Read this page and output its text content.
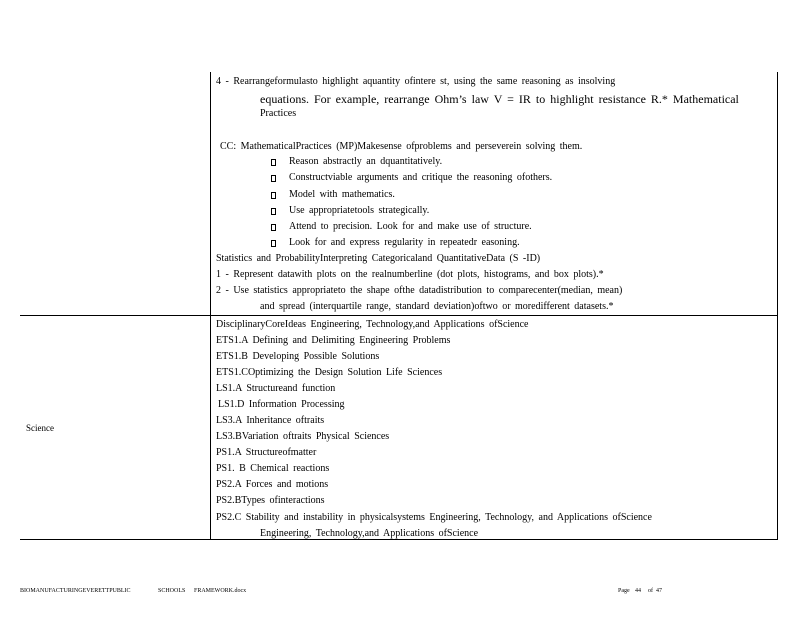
4 - Rearrangeformulasto highlight aquantity ofintere st, using the same reasoning as insolving
equations. For example, rearrange Ohm’s law V = IR to highlight resistance R.* Mathematical
Practices
CC: MathematicalPractices (MP)Makesense ofproblems and perseverein solving them.
Reason abstractly an dquantitatively.
Constructviable arguments and critique the reasoning ofothers.
Model with mathematics.
Use appropriatetools strategically.
Attend to precision. Look for and make use of structure.
Look for and express regularity in repeatedr easoning.
Statistics and ProbabilityInterpreting Categoricaland QuantitativeData (S -ID)
1 - Represent datawith plots on the realnumberline (dot plots, histograms, and box plots).*
2 - Use statistics appropriateto the shape ofthe datadistribution to comparecenter(median, mean)
and spread (interquartile range, standard deviation)oftwo or moredifferent datasets.*
Science
DisciplinaryCoreIdeas Engineering, Technology,and Applications ofScience
ETS1.A Defining and Delimiting Engineering Problems
ETS1.B Developing Possible Solutions
ETS1.COptimizing the Design Solution Life Sciences
LS1.A Structureand function
LS1.D Information Processing
LS3.A Inheritance oftraits
LS3.BVariation oftraits Physical Sciences
PS1.A Structureofmatter
PS1. B Chemical reactions
PS2.A Forces and motions
PS2.BTypes ofinteractions
PS2.C Stability and instability in physicalsystems Engineering, Technology, and Applications ofScience
Engineering, Technology,and Applications ofScience
BIOMANUFACTURINGEVERETTPUBLIC	SCHOOLS FRAMEWORK.docx	Page 44 of 47
